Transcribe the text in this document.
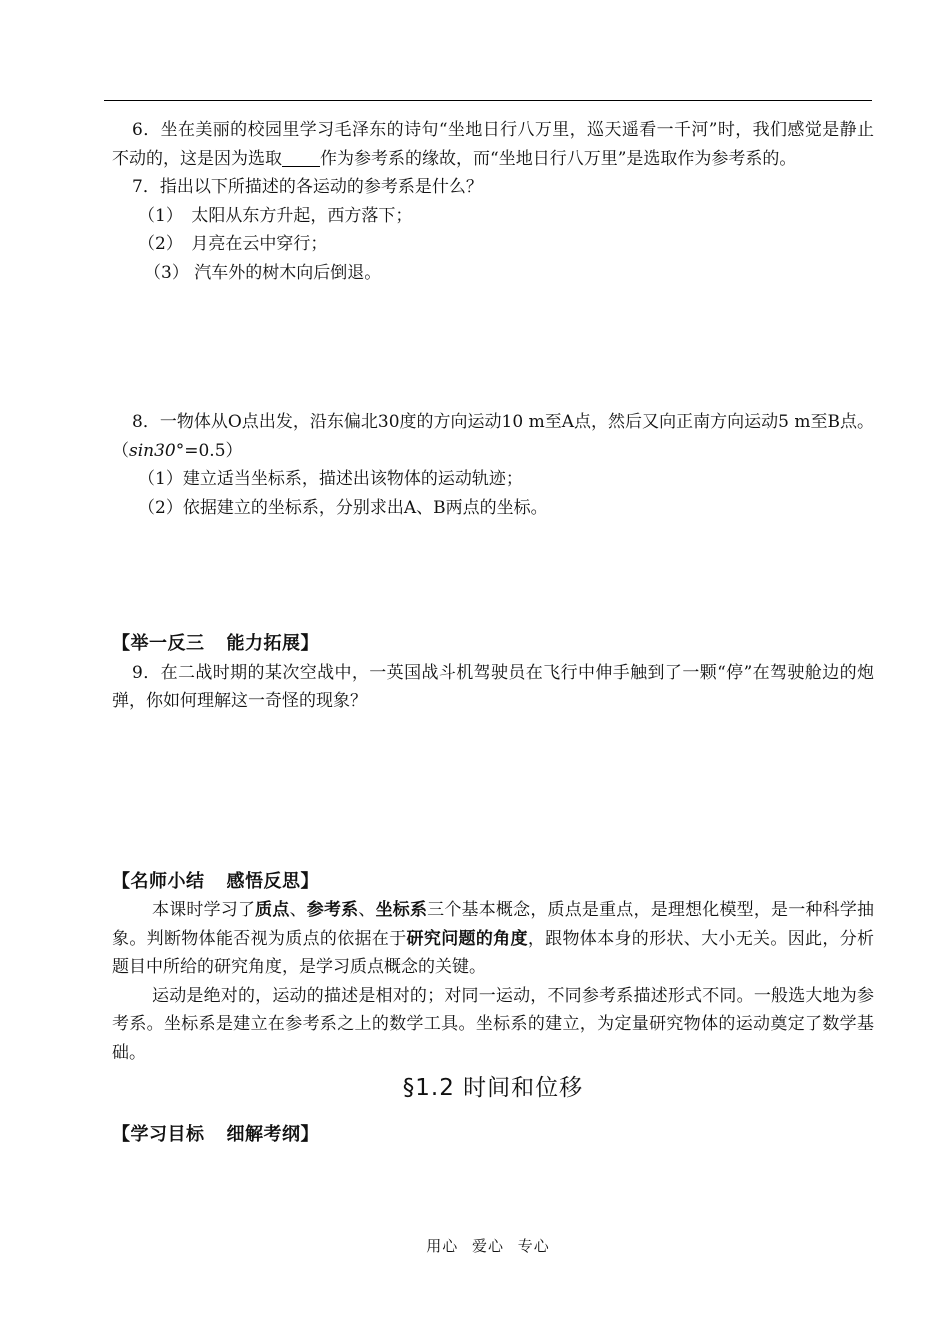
6．坐在美丽的校园里学习毛泽东的诗句“坐地日行八万里，巡天遥看一千河”时，我们感觉是静止不动的，这是因为选取 作为参考系的缘故，而“坐地日行八万里”是选取作为参考系的。

7．指出以下所描述的各运动的参考系是什么？

（1）　太阳从东方升起，西方落下；

（2）　月亮在云中穿行；

（3） 汽车外的树木向后倒退。

8．一物体从O点出发，沿东偏北30度的方向运动10 m至A点，然后又向正南方向运动5 m至B点。（sin30°=0.5）

（1）建立适当坐标系，描述出该物体的运动轨迹；

（2）依据建立的坐标系，分别求出A、B两点的坐标。

【举一反三 能力拓展】

9．在二战时期的某次空战中，一英国战斗机驾驶员在飞行中伸手触到了一颗“停”在驾驶舱边的炮弹，你如何理解这一奇怪的现象？

【名师小结 感悟反思】

本课时学习了质点、参考系、坐标系三个基本概念，质点是重点，是理想化模型，是一种科学抽象。判断物体能否视为质点的依据在于研究问题的角度，跟物体本身的形状、大小无关。因此，分析题目中所给的研究角度，是学习质点概念的关键。

运动是绝对的，运动的描述是相对的；对同一运动，不同参考系描述形式不同。一般选大地为参考系。坐标系是建立在参考系之上的数学工具。坐标系的建立，为定量研究物体的运动奠定了数学基础。

§1.2 时间和位移

【学习目标 细解考纲】

用心 爱心 专心
